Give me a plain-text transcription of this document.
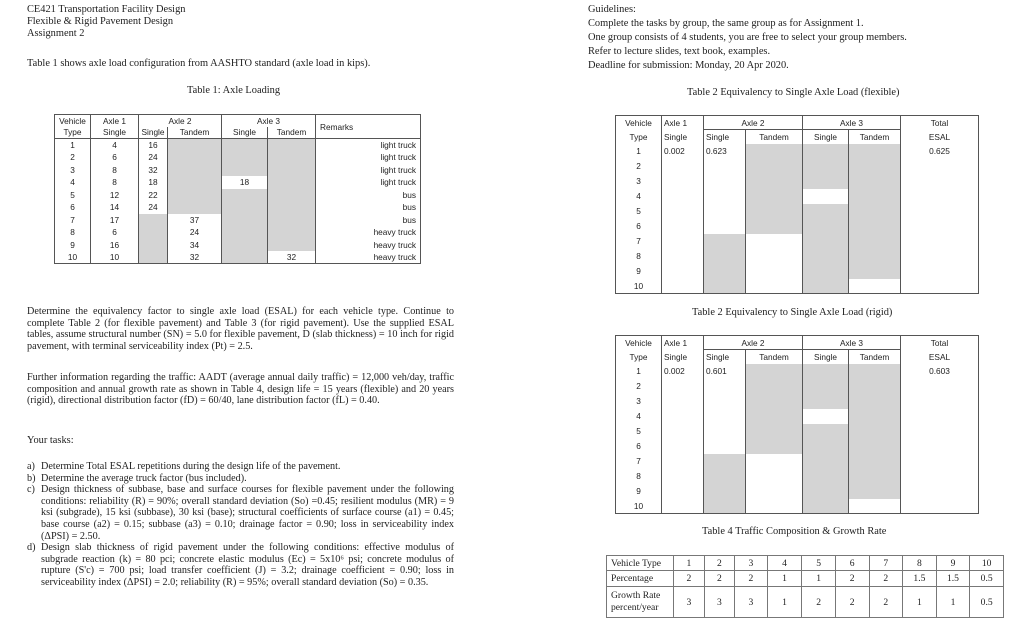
CE421 Transportation Facility Design
Flexible & Rigid Pavement Design
Assignment 2
Table 1 shows axle load configuration from AASHTO standard (axle load in kips).
Guidelines:
Complete the tasks by group, the same group as for Assignment 1.
One group consists of 4 students, you are free to select your group members.
Refer to lecture slides, text book, examples.
Deadline for submission: Monday, 20 Apr 2020.
Table 1: Axle Loading
Vehicle	Axle 1	Axle 2		Axle 3		Remarks
Type	Single	Single	Tandem	Single	Tandem	
1	4	16				light truck
2	6	24				light truck
3	8	32				light truck
4	8	18		18		light truck
5	12	22				bus
6	14	24				bus
7	17		37			bus
8	6		24			heavy truck
9	16		34			heavy truck
10	10		32		32	heavy truck
Determine the equivalency factor to single axle load (ESAL) for each vehicle type. Continue to complete Table 2 (for flexible pavement) and Table 3 (for rigid pavement). Use the supplied ESAL tables, assume structural number (SN) = 5.0 for flexible pavement, D (slab thickness) = 10 inch for rigid pavement, with terminal serviceability index (Pt) = 2.5.
Further information regarding the traffic: AADT (average annual daily traffic) = 12,000 veh/day, traffic composition and annual growth rate as shown in Table 4, design life = 15 years (flexible) and 20 years (rigid), directional distribution factor (fD) = 60/40, lane distribution factor (fL) = 0.40.
Your tasks:
a) Determine Total ESAL repetitions during the design life of the pavement.
b) Determine the average truck factor (bus included).
c) Design thickness of subbase, base and surface courses for flexible pavement under the following conditions: reliability (R) = 90%; overall standard deviation (So) =0.45; resilient modulus (MR) = 9 ksi (subgrade), 15 ksi (subbase), 30 ksi (base); structural coefficients of surface course (a1) = 0.45; base course (a2) = 0.15; subbase (a3) = 0.10; drainage factor = 0.90; loss in serviceability index (ΔPSI) = 2.50.
d) Design slab thickness of rigid pavement under the following conditions: effective modulus of subgrade reaction (k) = 80 pci; concrete elastic modulus (Ec) = 5x10⁶ psi; concrete modulus of rupture (S'c) = 700 psi; load transfer coefficient (J) = 3.2; drainage coefficient = 0.90; loss in serviceability index (ΔPSI) = 2.0; reliability (R) = 95%; overall standard deviation (So) = 0.35.
Table 2 Equivalency to Single Axle Load (flexible)
Vehicle	Axle 1	Axle 2		Axle 3		Total
Type	Single	Single	Tandem	Single	Tandem	ESAL
1	0.002	0.623				0.625
2						
3						
4						
5						
6						
7						
8						
9						
10						
Table 2 Equivalency to Single Axle Load (rigid)
Vehicle	Axle 1	Axle 2		Axle 3		Total
Type	Single	Single	Tandem	Single	Tandem	ESAL
1	0.002	0.601				0.603
2						
3						
4						
5						
6						
7						
8						
9						
10						
Table 4 Traffic Composition & Growth Rate
Vehicle Type	1	2	3	4	5	6	7	8	9	10
Percentage	2	2	2	1	1	2	2	1.5	1.5	0.5

Growth Rate
percent/year	3	3	3	1	2	2	2	1	1	0.5
